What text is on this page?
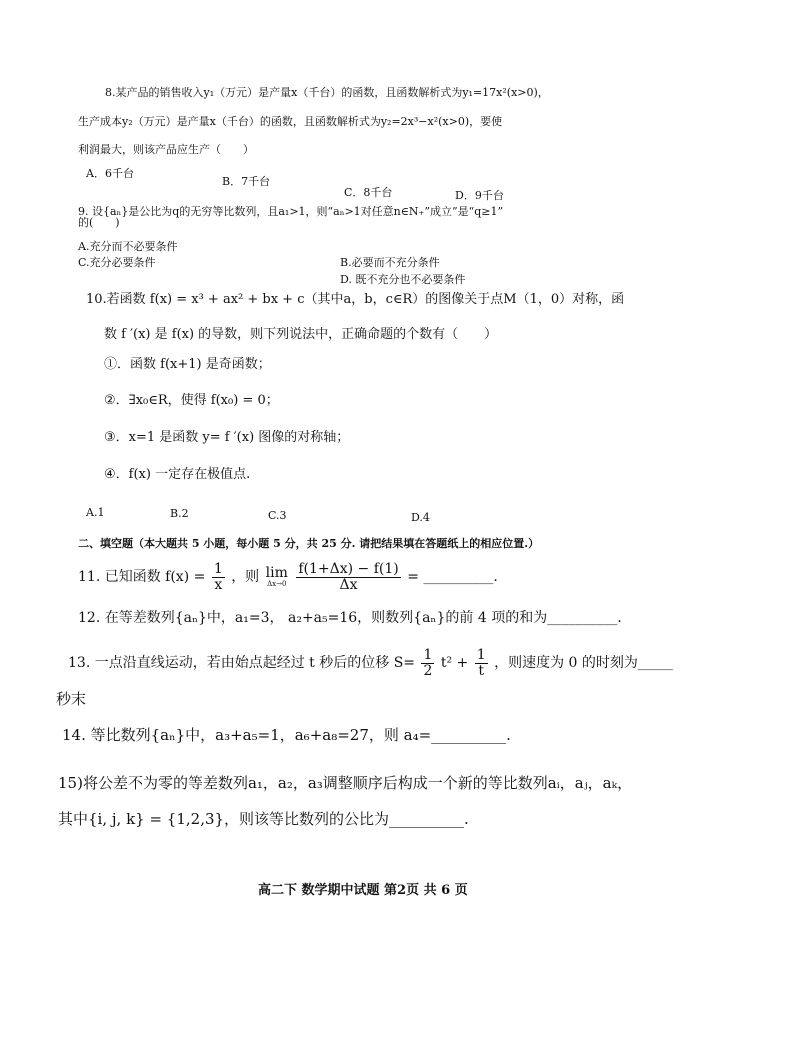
8.某产品的销售收入y₁（万元）是产量x（千台）的函数，且函数解析式为y₁=17x²(x>0)，
生产成本y₂（万元）是产量x（千台）的函数，且函数解析式为y₂=2x³−x²(x>0)，要使
利润最大，则该产品应生产（　　）
A．6千台
B．7千台
C．8千台	D．9千台
9. 设{aₙ}是公比为q的无穷等比数列，且a₁>1，则“aₙ>1对任意n∈N₊”成立”是“q≥1”
的(　　)
A.充分而不必要条件
B.必要而不充分条件
C.充分必要条件
D. 既不充分也不必要条件
10.若函数 f(x) = x³ + ax² + bx + c（其中a，b，c∈R）的图像关于点M（1，0）对称，函
数 f ′(x) 是 f(x) 的导数，则下列说法中，正确命题的个数有（　　）
①．函数 f(x+1) 是奇函数；
②．∃x₀∈R，使得 f(x₀) = 0；
③．x=1 是函数 y= f ′(x) 图像的对称轴；
④．f(x) 一定存在极值点.
A.1	B.2	C.3	D.4
二、填空题（本大题共 5 小题，每小题 5 分，共 25 分. 请把结果填在答题纸上的相应位置.）
11. 已知函数 $f(x) = \frac{1}{x}$ ，则 lim
Δx→0
$\frac{f(1+\Delta x) - f(1)}{\Delta x}$ = __________.
12. 在等差数列{aₙ}中，a₁=3， a₂+a₅=16，则数列{aₙ}的前 4 项的和为__________.
13. 一点沿直线运动，若由始点起经过 t 秒后的位移 $S= \frac{1}{2} t^2 + \frac{1}{t}$ ，则速度为 0 的时刻为_____
秒末
14. 等比数列{aₙ}中，a₃+a₅=1，a₆+a₈=27，则 a₄=__________.
15)将公差不为零的等差数列a₁，a₂，a₃调整顺序后构成一个新的等比数列aᵢ，aⱼ，aₖ，
其中{i, j, k} = {1,2,3}，则该等比数列的公比为__________.
高二下 数学期中试题 第2页 共 6 页
